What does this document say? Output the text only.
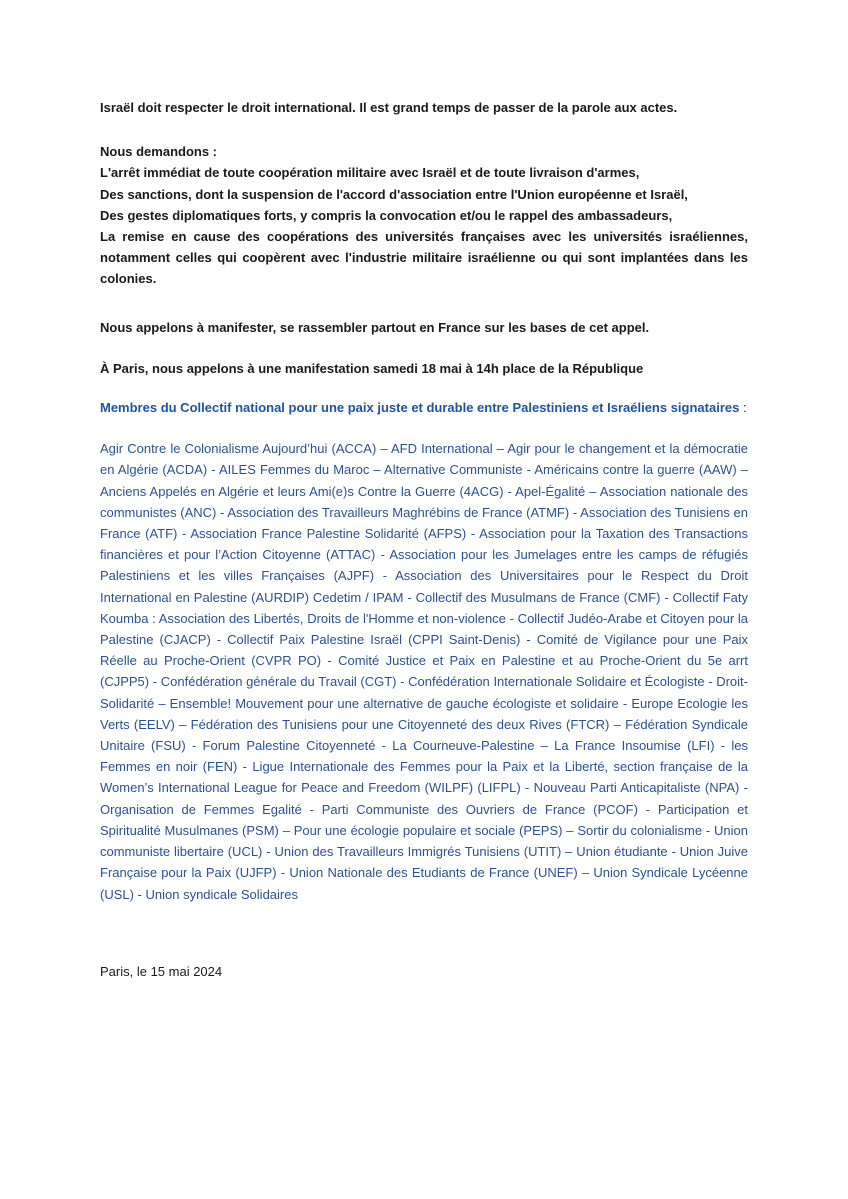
Israël doit respecter le droit international. Il est grand temps de passer de la parole aux actes.

Nous demandons :

L'arrêt immédiat de toute coopération militaire avec Israël et de toute livraison d'armes,

Des sanctions, dont la suspension de l'accord d'association entre l'Union européenne et Israël,

Des gestes diplomatiques forts, y compris la convocation et/ou le rappel des ambassadeurs,

La remise en cause des coopérations des universités françaises avec les universités israéliennes, notamment celles qui coopèrent avec l'industrie militaire israélienne ou qui sont implantées dans les colonies.

Nous appelons à manifester, se rassembler partout en France sur les bases de cet appel.

À Paris, nous appelons à une manifestation samedi 18 mai à 14h place de la République

Membres du Collectif national pour une paix juste et durable entre Palestiniens et Israéliens signataires :

Agir Contre le Colonialisme Aujourd’hui (ACCA) – AFD International – Agir pour le changement et la démocratie en Algérie (ACDA) - AILES Femmes du Maroc – Alternative Communiste - Américains contre la guerre (AAW) – Anciens Appelés en Algérie et leurs Ami(e)s Contre la Guerre (4ACG) - Apel-Égalité – Association nationale des communistes (ANC) - Association des Travailleurs Maghrébins de France (ATMF) - Association des Tunisiens en France (ATF) - Association France Palestine Solidarité (AFPS) - Association pour la Taxation des Transactions financières et pour l’Action Citoyenne (ATTAC) - Association pour les Jumelages entre les camps de réfugiés Palestiniens et les villes Françaises (AJPF) - Association des Universitaires pour le Respect du Droit International en Palestine (AURDIP) Cedetim / IPAM - Collectif des Musulmans de France (CMF) - Collectif Faty Koumba : Association des Libertés, Droits de l'Homme et non-violence - Collectif Judéo-Arabe et Citoyen pour la Palestine (CJACP) - Collectif Paix Palestine Israël (CPPI Saint-Denis) - Comité de Vigilance pour une Paix Réelle au Proche-Orient (CVPR PO) - Comité Justice et Paix en Palestine et au Proche-Orient du 5e arrt (CJPP5) - Confédération générale du Travail (CGT) - Confédération Internationale Solidaire et Écologiste - Droit-Solidarité – Ensemble! Mouvement pour une alternative de gauche écologiste et solidaire - Europe Ecologie les Verts (EELV) – Fédération des Tunisiens pour une Citoyenneté des deux Rives (FTCR) – Fédération Syndicale Unitaire (FSU) - Forum Palestine Citoyenneté - La Courneuve-Palestine – La France Insoumise (LFI) - les Femmes en noir (FEN) - Ligue Internationale des Femmes pour la Paix et la Liberté, section française de la Women’s International League for Peace and Freedom (WILPF) (LIFPL) - Nouveau Parti Anticapitaliste (NPA) - Organisation de Femmes Egalité - Parti Communiste des Ouvriers de France (PCOF) - Participation et Spiritualité Musulmanes (PSM) – Pour une écologie populaire et sociale (PEPS) – Sortir du colonialisme - Union communiste libertaire (UCL) - Union des Travailleurs Immigrés Tunisiens (UTIT) – Union étudiante - Union Juive Française pour la Paix (UJFP) - Union Nationale des Etudiants de France (UNEF) – Union Syndicale Lycéenne (USL) - Union syndicale Solidaires

Paris, le 15 mai 2024
